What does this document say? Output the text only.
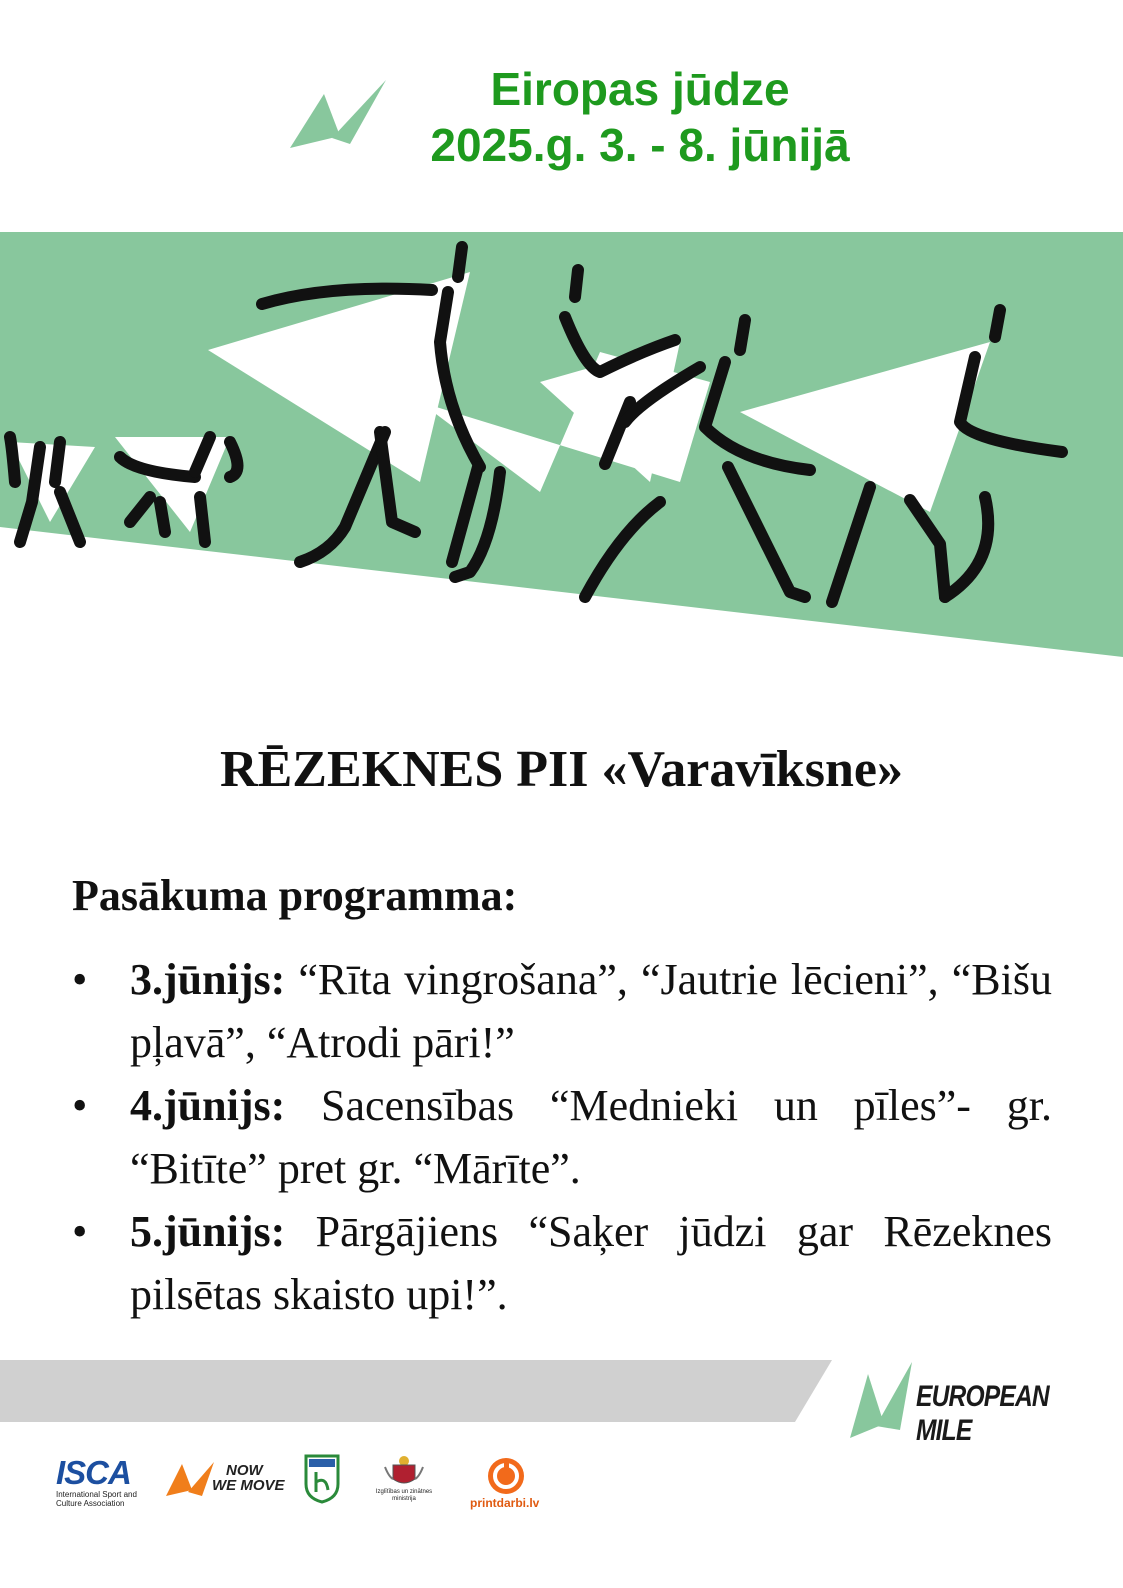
Eiropas jūdze
2025.g. 3. - 8. jūnijā
RĒZEKNES PII «Varavīksne»
Pasākuma programma:
• 3.jūnijs: “Rīta vingrošana”, “Jautrie lēcieni”, “Bišu pļavā”, “Atrodi pāri!”
• 4.jūnijs: Sacensības “Mednieki un pīles”- gr. “Bitīte” pret gr. “Mārīte”.
• 5.jūnijs: Pārgājiens “Saķer jūdzi gar Rēzeknes pilsētas skaisto upi!”.
EUROPEAN MILE
ISCA
International Sport and
Culture Association
NOW
WE MOVE	Izglītības un zinātnes
ministrija	printdarbi.lv
